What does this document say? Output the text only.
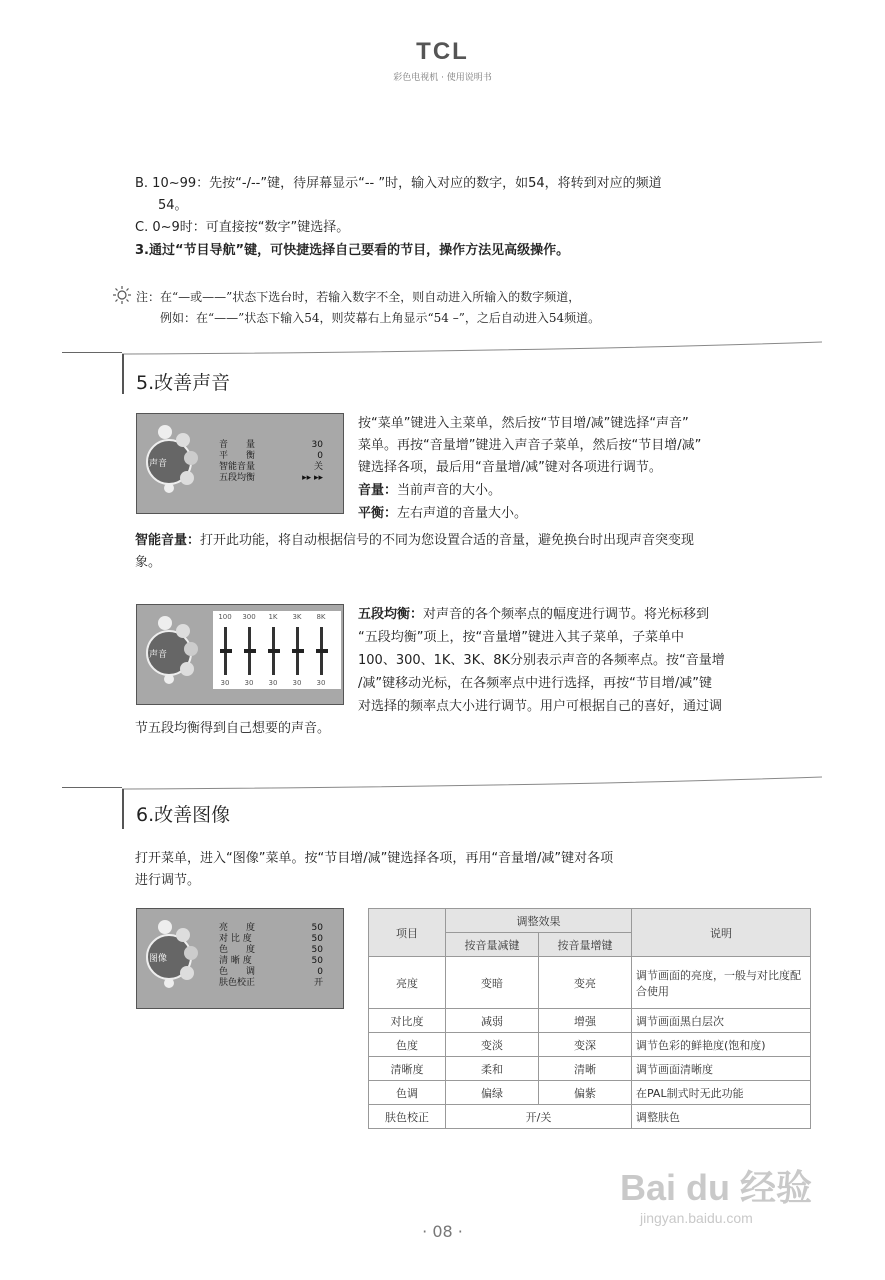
TCL
彩色电视机 · 使用说明书
B. 10~99：先按“-/--”键，待屏幕显示“-- ”时，输入对应的数字，如54，将转到对应的频道
54。
C. 0~9时：可直接按“数字”键选择。
3.通过“节目导航”键，可快捷选择自己要看的节目，操作方法见高级操作。
注：在“—或——”状态下选台时，若输入数字不全，则自动进入所输入的数字频道，
例如：在“——”状态下输入54，则荧幕右上角显示“54 –”，之后自动进入54频道。
5.改善声音
声音
音　　量	30
平　　衡	0
智能音量	关
五段均衡	▸▸ ▸▸
按“菜单”键进入主菜单，然后按“节目增/减”键选择“声音”
菜单。再按“音量增”键进入声音子菜单，然后按“节目增/减”
键选择各项，最后用“音量增/减”键对各项进行调节。
音量：当前声音的大小。
平衡：左右声道的音量大小。
智能音量：打开此功能，将自动根据信号的不同为您设置合适的音量，避免换台时出现声音突变现
象。
声音
100	300	1K	3K	8K
30	30	30	30	30
五段均衡：对声音的各个频率点的幅度进行调节。将光标移到
“五段均衡”项上，按“音量增”键进入其子菜单，子菜单中
100、300、1K、3K、8K分别表示声音的各频率点。按“音量增
/减”键移动光标，在各频率点中进行选择，再按“节目增/减”键
对选择的频率点大小进行调节。用户可根据自己的喜好，通过调
节五段均衡得到自己想要的声音。
6.改善图像
打开菜单，进入“图像”菜单。按“节目增/减”键选择各项，再用“音量增/减”键对各项
进行调节。
图像
亮　　度	50
对 比 度	50
色　　度	50
清 晰 度	50
色　　调	0
肤色校正	开
项目	调整效果		说明
	按音量减键	按音量增键	
亮度	变暗	变亮	调节画面的亮度，一般与对比度配合使用
对比度	减弱	增强	调节画面黑白层次
色度	变淡	变深	调节色彩的鲜艳度(饱和度)
清晰度	柔和	清晰	调节画面清晰度
色调	偏绿	偏紫	在PAL制式时无此功能
肤色校正	开/关		调整肤色
Bai du 经验
jingyan.baidu.com
· 08 ·
